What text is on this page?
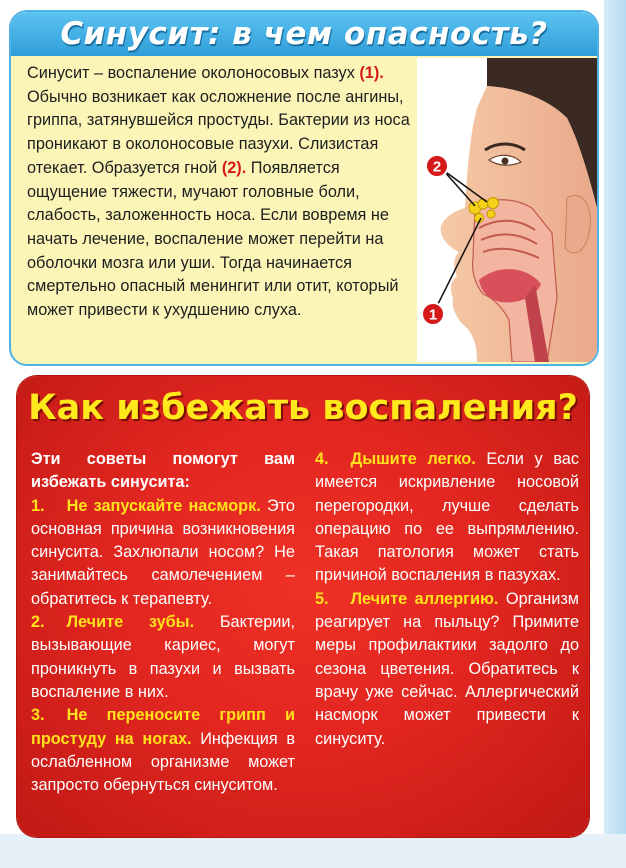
Синусит: в чем опасность?
Синусит – воспаление околоносовых пазух (1). Обычно возникает как осложнение после ангины, гриппа, затянувшейся простуды. Бактерии из носа проникают в околоносовые пазухи. Слизистая отекает. Образуется гной (2). Появляется ощущение тяжести, мучают головные боли, слабость, заложенность носа. Если вовремя не начать лечение, воспаление может перейти на оболочки мозга или уши. Тогда начинается смертельно опасный менингит или отит, который может привести к ухудшению слуха.
2
1
Как избежать воспаления?

Эти советы помогут вам избежать синусита:

1. Не запускайте насморк. Это основная причина возникновения синусита. Захлюпали носом? Не занимайтесь самолечением – обратитесь к терапевту.

2. Лечите зубы. Бактерии, вызывающие кариес, могут проникнуть в пазухи и вызвать воспаление в них.

3. Не переносите грипп и простуду на ногах. Инфекция в ослабленном организме может запросто обернуться синуситом.

4. Дышите легко. Если у вас имеется искривление носовой перегородки, лучше сделать операцию по ее выпрямлению. Такая патология может стать причиной воспаления в пазухах.

5. Лечите аллергию. Организм реагирует на пыльцу? Примите меры профилактики задолго до сезона цветения. Обратитесь к врачу уже сейчас. Аллергический насморк может привести к синуситу.
